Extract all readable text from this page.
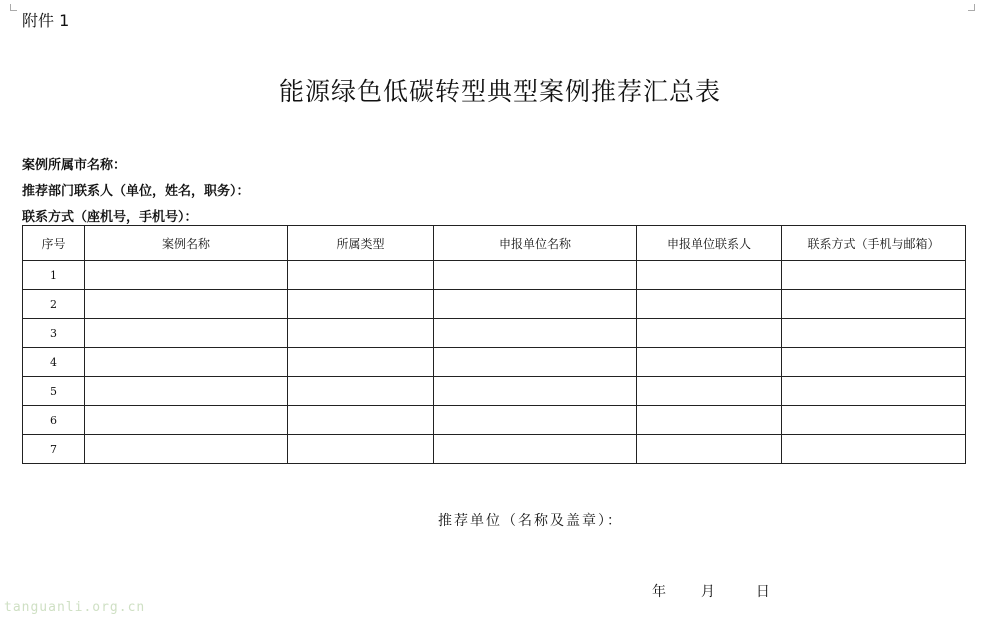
附件 1
能源绿色低碳转型典型案例推荐汇总表
案例所属市名称：
推荐部门联系人（单位，姓名，职务）：
联系方式（座机号，手机号）：
序号	案例名称	所属类型	申报单位名称	申报单位联系人	联系方式（手机与邮箱）
1					
2					
3					
4					
5					
6					
7					
推荐单位（名称及盖章）：
年 月	日
tanguanli.org.cn
